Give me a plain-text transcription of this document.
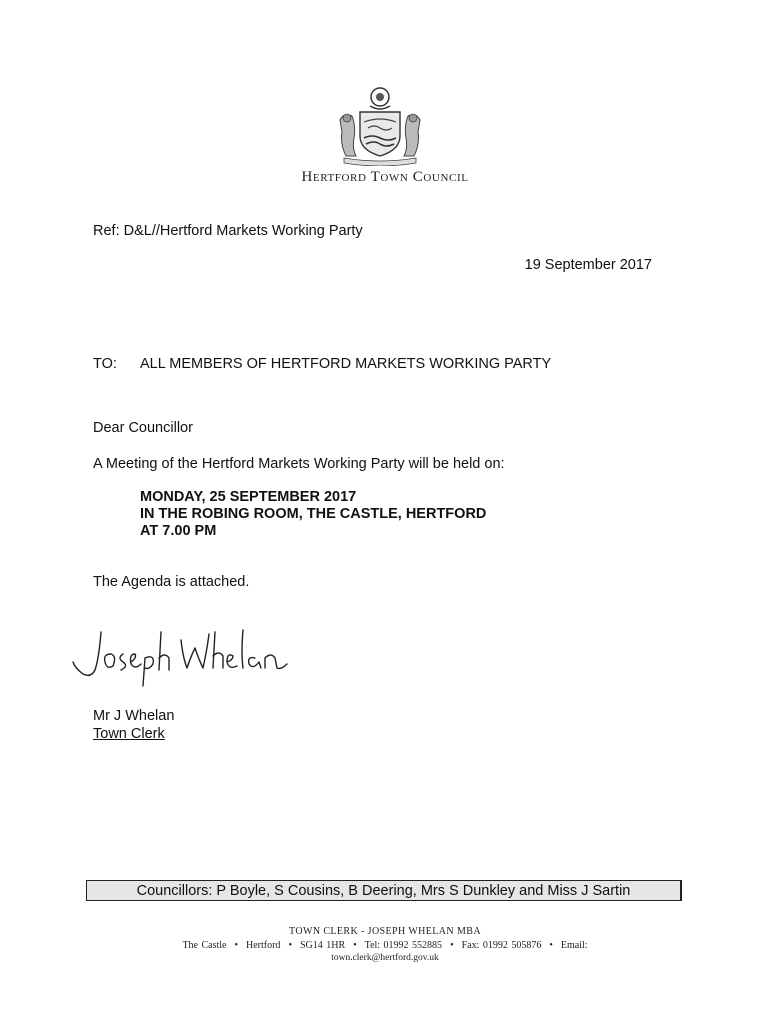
Hertford Town Council
Ref: D&L//Hertford Markets Working Party
19 September 2017
TO: ALL MEMBERS OF HERTFORD MARKETS WORKING PARTY
Dear Councillor
A Meeting of the Hertford Markets Working Party will be held on:
MONDAY, 25 SEPTEMBER 2017
IN THE ROBING ROOM, THE CASTLE, HERTFORD
AT 7.00 PM
The Agenda is attached.
Mr J Whelan
Town Clerk
Councillors: P Boyle, S Cousins, B Deering, Mrs S Dunkley and Miss J Sartin
TOWN CLERK - JOSEPH WHELAN MBA
The Castle • Hertford • SG14 1HR • Tel: 01992 552885 • Fax: 01992 505876 • Email:
town.clerk@hertford.gov.uk
